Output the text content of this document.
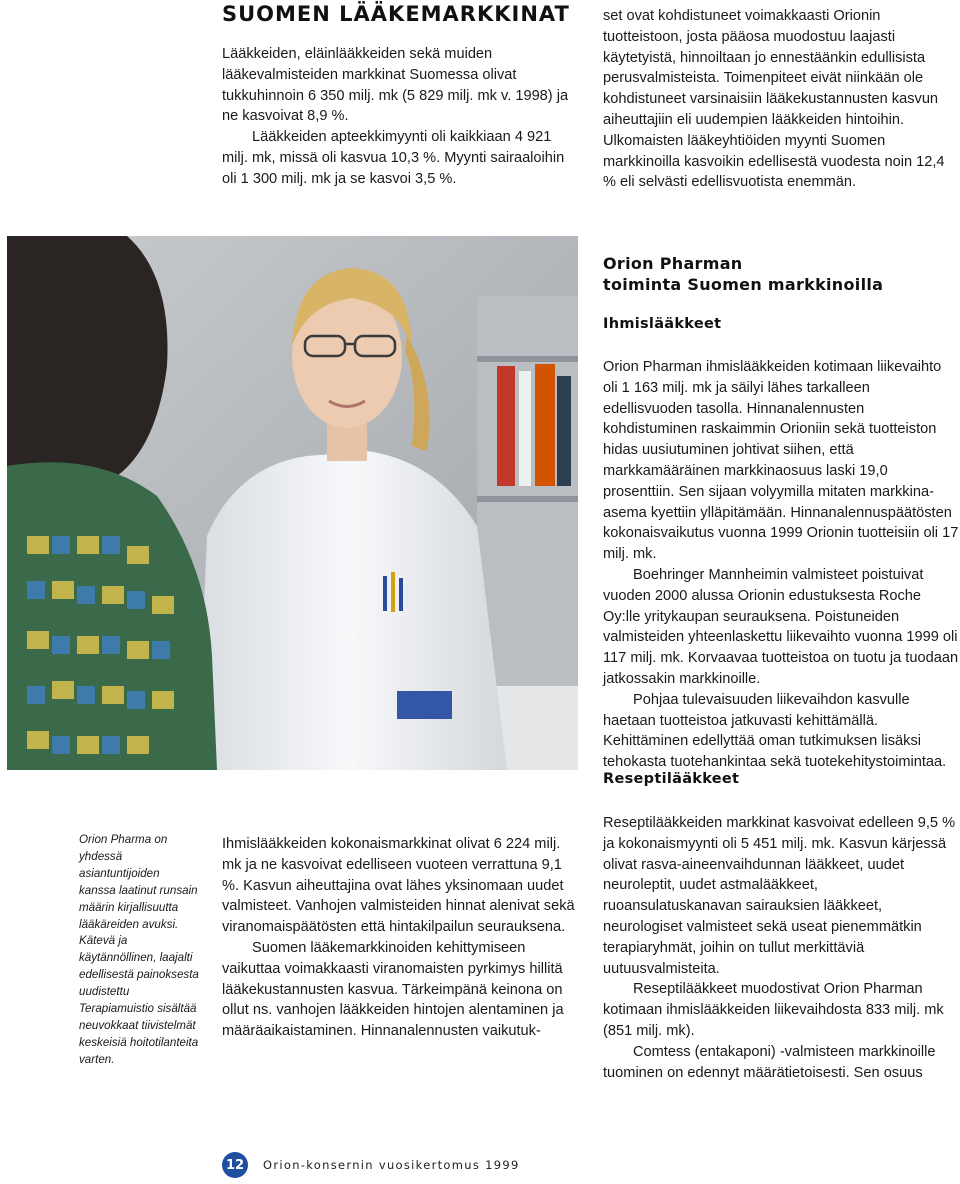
SUOMEN LÄÄKEMARKKINAT

Lääkkeiden, eläinlääkkeiden sekä muiden lääkevalmisteiden markkinat Suomessa olivat tukkuhinnoin 6 350 milj. mk (5 829 milj. mk v. 1998) ja ne kasvoivat 8,9 %.

Lääkkeiden apteekkimyynti oli kaikkiaan 4 921 milj. mk, missä oli kasvua 10,3 %. Myynti sairaaloihin oli 1 300 milj. mk ja se kasvoi 3,5 %.

set ovat kohdistuneet voimakkaasti Orionin tuotteistoon, josta pääosa muodostuu laajasti käytetyistä, hinnoiltaan jo ennestäänkin edullisista perusvalmisteista. Toimenpiteet eivät niinkään ole kohdistuneet varsinaisiin lääkekustannusten kasvun aiheuttajiin eli uudempien lääkkeiden hintoihin. Ulkomaisten lääkeyhtiöiden myynti Suomen markkinoilla kasvoikin edellisestä vuodesta noin 12,4 % eli selvästi edellisvuotista enemmän.

Orion Pharman
toiminta Suomen markkinoilla
Ihmislääkkeet

Orion Pharman ihmislääkkeiden kotimaan liikevaihto oli 1 163 milj. mk ja säilyi lähes tarkalleen edellisvuoden tasolla. Hinnanalennusten kohdistuminen raskaimmin Orioniin sekä tuotteiston hidas uusiutuminen johtivat siihen, että markkamääräinen markkinaosuus laski 19,0 prosenttiin. Sen sijaan volyymilla mitaten markkina-asema kyettiin ylläpitämään. Hinnanalennuspäätösten kokonaisvaikutus vuonna 1999 Orionin tuotteisiin oli 17 milj. mk.

Boehringer Mannheimin valmisteet poistuivat vuoden 2000 alussa Orionin edustuksesta Roche Oy:lle yritykaupan seurauksena. Poistuneiden valmisteiden yhteenlaskettu liikevaihto vuonna 1999 oli 117 milj. mk. Korvaavaa tuotteistoa on tuotu ja tuodaan jatkossakin markkinoille.

Pohjaa tulevaisuuden liikevaihdon kasvulle haetaan tuotteistoa jatkuvasti kehittämällä. Kehittäminen edellyttää oman tutkimuksen lisäksi tehokasta tuotehankintaa sekä tuotekehitystoimintaa.

Reseptilääkkeet

Reseptilääkkeiden markkinat kasvoivat edelleen 9,5 % ja kokonaismyynti oli 5 451 milj. mk. Kasvun kärjessä olivat rasva-aineenvaihdunnan lääkkeet, uudet neuroleptit, uudet astmalääkkeet, ruoansulatuskanavan sairauksien lääkkeet, neurologiset valmisteet sekä useat pienemmätkin terapiaryhmät, joihin on tullut merkittäviä uutuusvalmisteita.

Reseptilääkkeet muodostivat Orion Pharman kotimaan ihmislääkkeiden liikevaihdosta 833 milj. mk (851 milj. mk).

Comtess (entakaponi) -valmisteen markkinoille tuominen on edennyt määrätietoisesti. Sen osuus

Orion Pharma on yhdessä asiantuntijoiden kanssa laatinut runsain määrin kirjallisuutta lääkäreiden avuksi. Kätevä ja käytännöllinen, laajalti edellisestä painoksesta uudistettu Terapiamuistio sisältää neuvokkaat tiivistelmät keskeisiä hoitotilanteita varten.

Ihmislääkkeiden kokonaismarkkinat olivat 6 224 milj. mk ja ne kasvoivat edelliseen vuoteen verrattuna 9,1 %. Kasvun aiheuttajina ovat lähes yksinomaan uudet valmisteet. Vanhojen valmisteiden hinnat alenivat sekä viranomaispäätösten että hintakilpailun seurauksena.

Suomen lääkemarkkinoiden kehittymiseen vaikuttaa voimakkaasti viranomaisten pyrkimys hillitä lääkekustannusten kasvua. Tärkeimpänä keinona on ollut ns. vanhojen lääkkeiden hintojen alentaminen ja määräaikaistaminen. Hinnanalennusten vaikutuk-

12	Orion-konsernin vuosikertomus 1999
